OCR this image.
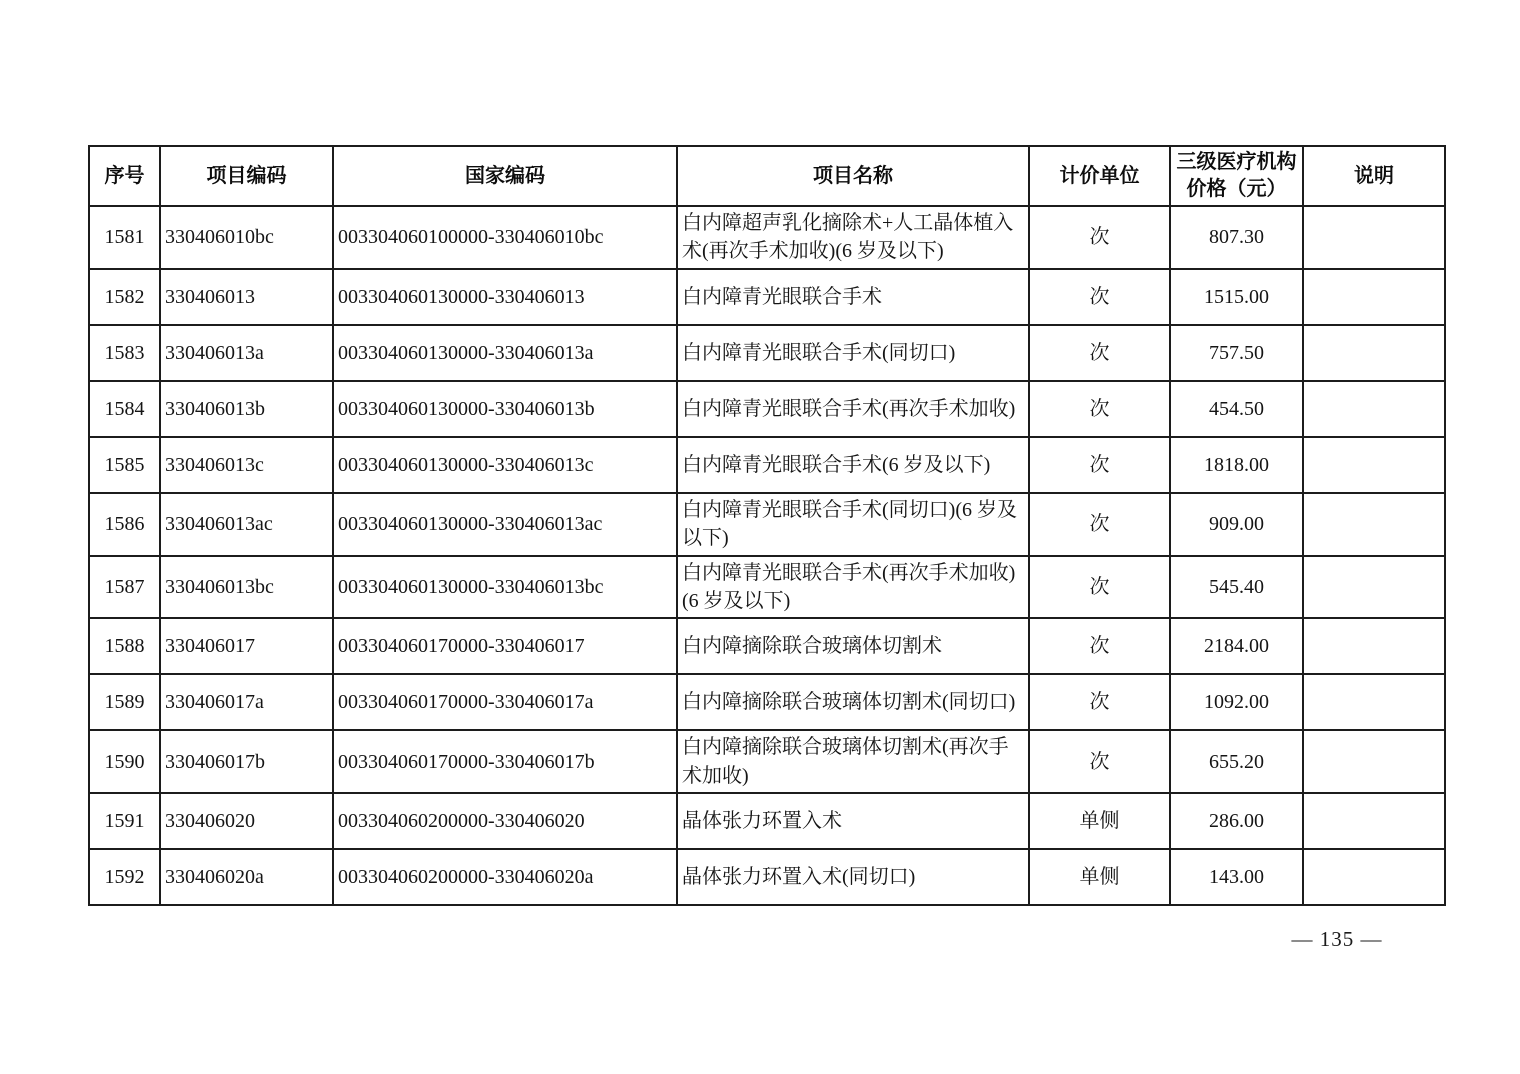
序号	项目编码	国家编码	项目名称	计价单位	三级医疗机构价格（元）	说明
1581	330406010bc	003304060100000-330406010bc	白内障超声乳化摘除术+人工晶体植入术(再次手术加收)(6 岁及以下)	次	807.30	
1582	330406013	003304060130000-330406013	白内障青光眼联合手术	次	1515.00	
1583	330406013a	003304060130000-330406013a	白内障青光眼联合手术(同切口)	次	757.50	
1584	330406013b	003304060130000-330406013b	白内障青光眼联合手术(再次手术加收)	次	454.50	
1585	330406013c	003304060130000-330406013c	白内障青光眼联合手术(6 岁及以下)	次	1818.00	
1586	330406013ac	003304060130000-330406013ac	白内障青光眼联合手术(同切口)(6 岁及以下)	次	909.00	
1587	330406013bc	003304060130000-330406013bc	白内障青光眼联合手术(再次手术加收)(6 岁及以下)	次	545.40	
1588	330406017	003304060170000-330406017	白内障摘除联合玻璃体切割术	次	2184.00	
1589	330406017a	003304060170000-330406017a	白内障摘除联合玻璃体切割术(同切口)	次	1092.00	
1590	330406017b	003304060170000-330406017b	白内障摘除联合玻璃体切割术(再次手术加收)	次	655.20	
1591	330406020	003304060200000-330406020	晶体张力环置入术	单侧	286.00	
1592	330406020a	003304060200000-330406020a	晶体张力环置入术(同切口)	单侧	143.00	
— 135 —
